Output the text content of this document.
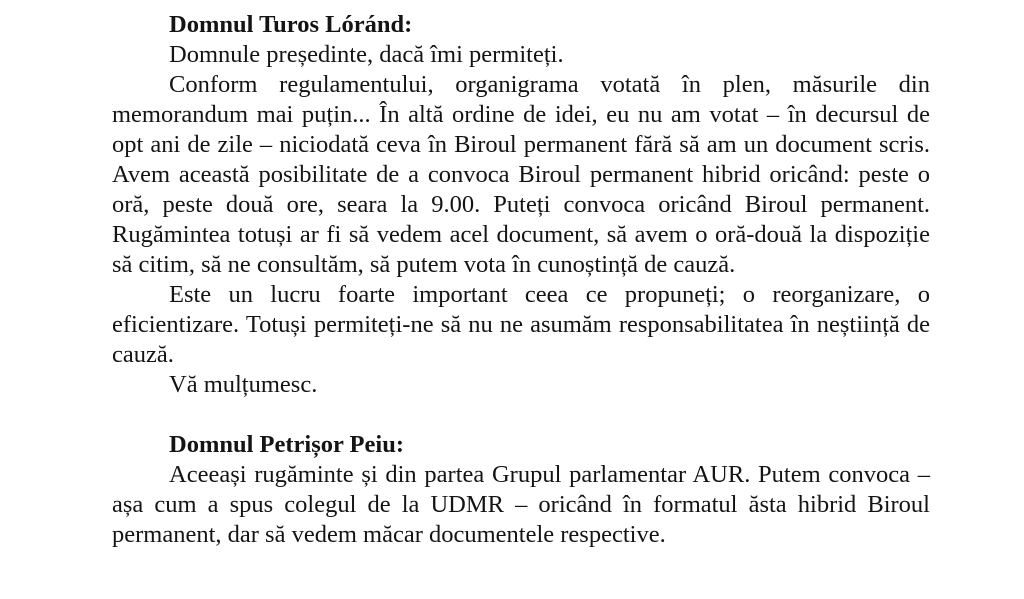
Domnul Turos Lóránd:

Domnule președinte, dacă îmi permiteți.

Conform regulamentului, organigrama votată în plen, măsurile din memorandum mai puțin... În altă ordine de idei, eu nu am votat – în decursul de opt ani de zile – niciodată ceva în Biroul permanent fără să am un document scris. Avem această posibilitate de a convoca Biroul permanent hibrid oricând: peste o oră, peste două ore, seara la 9.00. Puteți convoca oricând Biroul permanent. Rugămintea totuși ar fi să vedem acel document, să avem o oră-două la dispoziție să citim, să ne consultăm, să putem vota în cunoștință de cauză.

Este un lucru foarte important ceea ce propuneți; o reorganizare, o eficientizare. Totuși permiteți-ne să nu ne asumăm responsabilitatea în neștiință de cauză.

Vă mulțumesc.

Domnul Petrișor Peiu:

Aceeași rugăminte și din partea Grupul parlamentar AUR. Putem convoca – așa cum a spus colegul de la UDMR – oricând în formatul ăsta hibrid Biroul permanent, dar să vedem măcar documentele respective.
